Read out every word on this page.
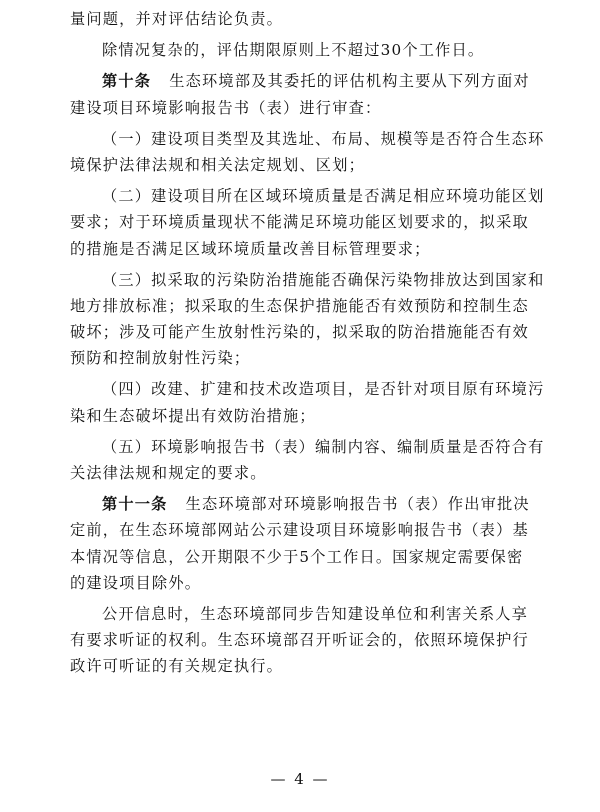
量问题，并对评估结论负责。
除情况复杂的，评估期限原则上不超过30个工作日。
第十条 生态环境部及其委托的评估机构主要从下列方面对
建设项目环境影响报告书（表）进行审查：
（一）建设项目类型及其选址、布局、规模等是否符合生态环
境保护法律法规和相关法定规划、区划；
（二）建设项目所在区域环境质量是否满足相应环境功能区划
要求；对于环境质量现状不能满足环境功能区划要求的，拟采取
的措施是否满足区域环境质量改善目标管理要求；
（三）拟采取的污染防治措施能否确保污染物排放达到国家和
地方排放标准；拟采取的生态保护措施能否有效预防和控制生态
破坏；涉及可能产生放射性污染的，拟采取的防治措施能否有效
预防和控制放射性污染；
（四）改建、扩建和技术改造项目，是否针对项目原有环境污
染和生态破坏提出有效防治措施；
（五）环境影响报告书（表）编制内容、编制质量是否符合有
关法律法规和规定的要求。
第十一条 生态环境部对环境影响报告书（表）作出审批决
定前，在生态环境部网站公示建设项目环境影响报告书（表）基
本情况等信息，公开期限不少于5个工作日。国家规定需要保密
的建设项目除外。
公开信息时，生态环境部同步告知建设单位和利害关系人享
有要求听证的权利。生态环境部召开听证会的，依照环境保护行
政许可听证的有关规定执行。
— 4 —
